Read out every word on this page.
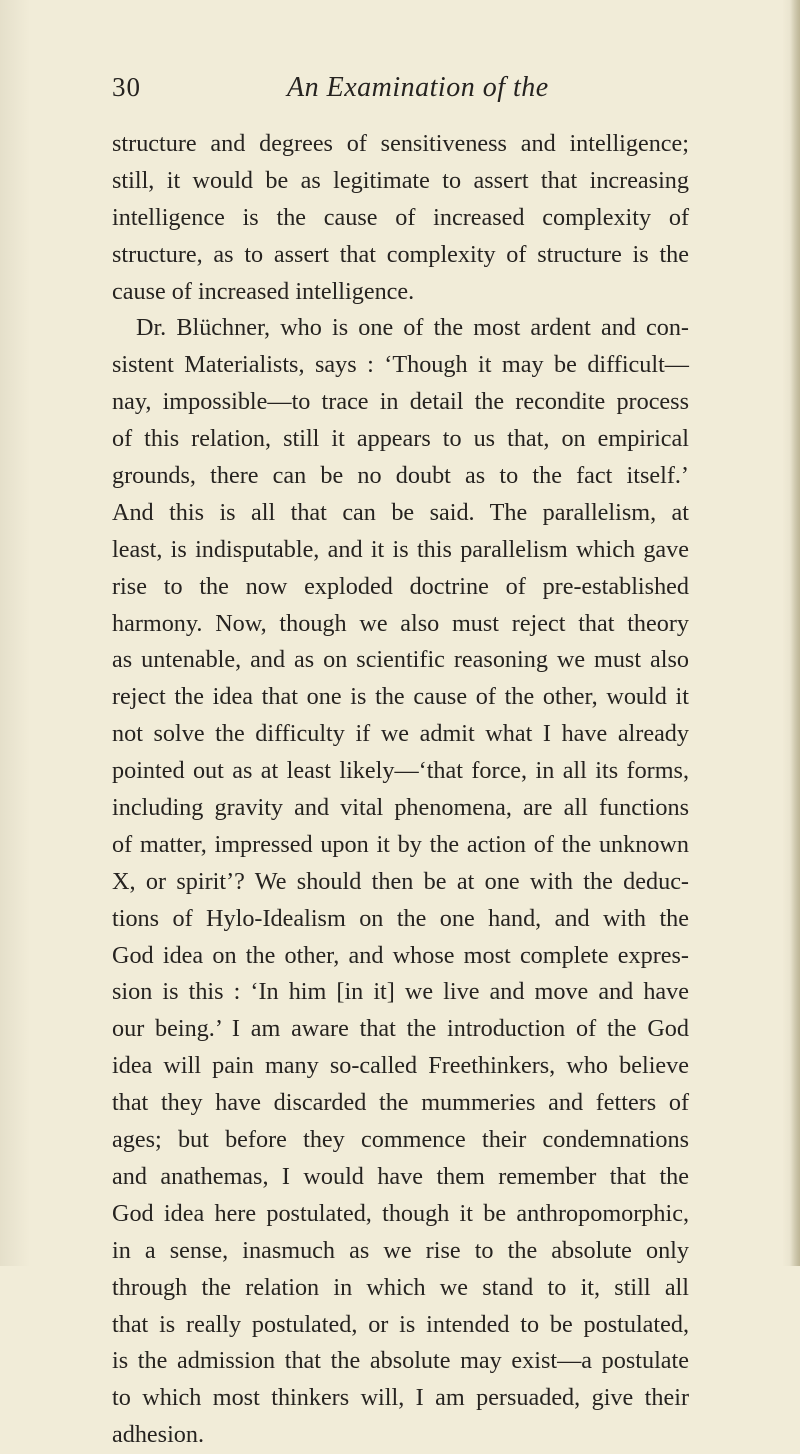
30	An Examination of the
structure and degrees of sensitiveness and intelligence;
still, it would be as legitimate to assert that increasing
intelligence is the cause of increased complexity of
structure, as to assert that complexity of structure is the
cause of increased intelligence.
Dr. Blüchner, who is one of the most ardent and con-
sistent Materialists, says : ‘Though it may be difficult—
nay, impossible—to trace in detail the recondite process
of this relation, still it appears to us that, on empirical
grounds, there can be no doubt as to the fact itself.’
And this is all that can be said. The parallelism, at
least, is indisputable, and it is this parallelism which gave
rise to the now exploded doctrine of pre-established
harmony. Now, though we also must reject that theory
as untenable, and as on scientific reasoning we must also
reject the idea that one is the cause of the other, would it
not solve the difficulty if we admit what I have already
pointed out as at least likely—‘that force, in all its forms,
including gravity and vital phenomena, are all functions
of matter, impressed upon it by the action of the unknown
X, or spirit’? We should then be at one with the deduc-
tions of Hylo-Idealism on the one hand, and with the
God idea on the other, and whose most complete expres-
sion is this : ‘In him [in it] we live and move and have
our being.’ I am aware that the introduction of the God
idea will pain many so-called Freethinkers, who believe
that they have discarded the mummeries and fetters of
ages; but before they commence their condemnations
and anathemas, I would have them remember that the
God idea here postulated, though it be anthropomorphic,
in a sense, inasmuch as we rise to the absolute only
through the relation in which we stand to it, still all
that is really postulated, or is intended to be postulated,
is the admission that the absolute may exist—a postulate
to which most thinkers will, I am persuaded, give their
adhesion.
